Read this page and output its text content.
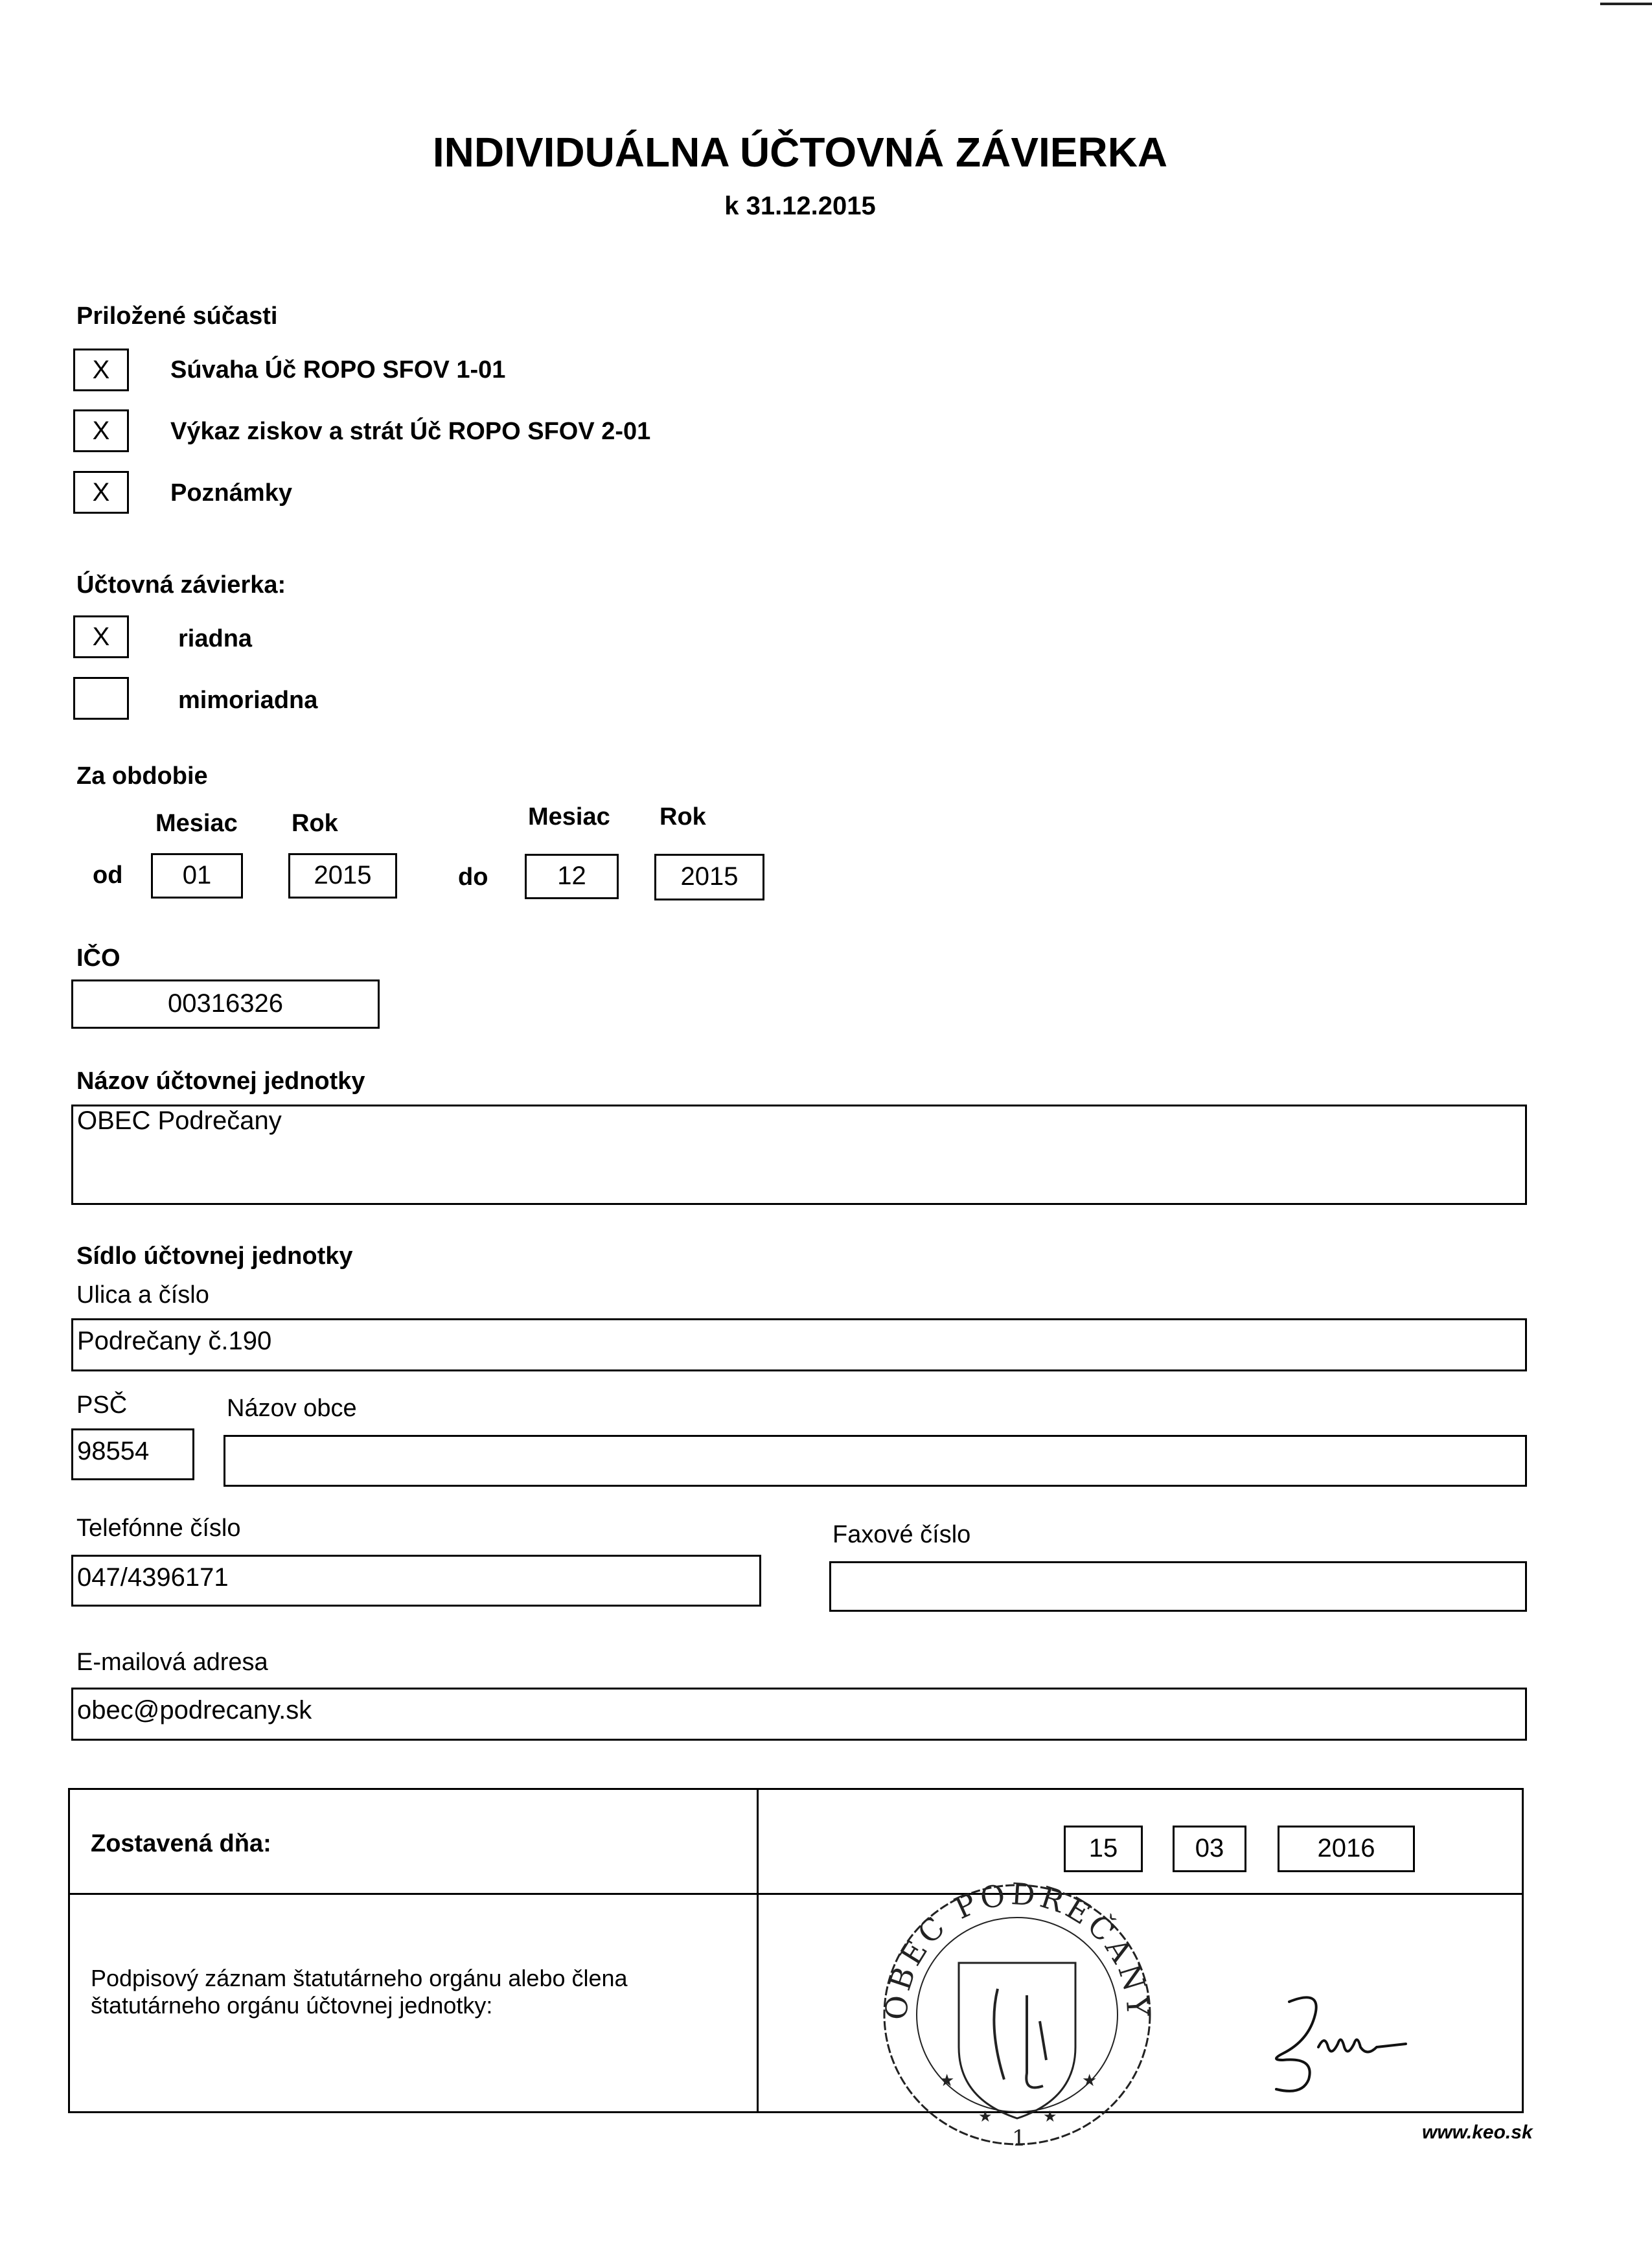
INDIVIDUÁLNA ÚČTOVNÁ ZÁVIERKA
k 31.12.2015
Priložené súčasti
X	Súvaha Úč ROPO SFOV 1-01
X	Výkaz ziskov a strát Úč ROPO SFOV 2-01
X	Poznámky
Účtovná závierka:
X	riadna
mimoriadna
Za obdobie
Mesiac Rok	Mesiac Rok
od	01	2015	do	12	2015
IČO
00316326
Názov účtovnej jednotky
OBEC Podrečany
Sídlo účtovnej jednotky
Ulica a číslo
Podrečany č.190
PSČ	Názov obce
98554
Telefónne číslo	Faxové číslo
047/4396171
E-mailová adresa
obec@podrecany.sk
Zostavená dňa:	15	03	2016
Podpisový záznam štatutárneho orgánu alebo člena
štatutárneho orgánu účtovnej jednotky:	OBEC PODREČANY
★	★
★	★
1	www.keo.sk
